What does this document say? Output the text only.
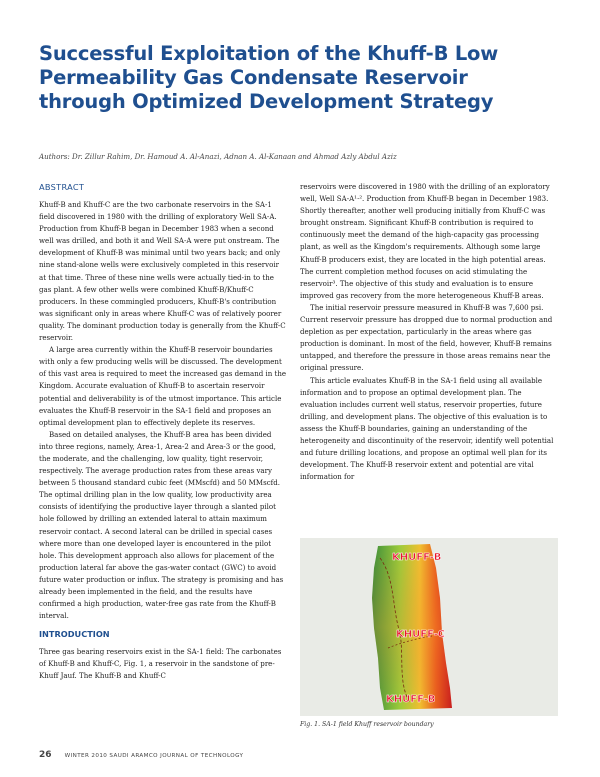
Successful Exploitation of the Khuff-B Low
Permeability Gas Condensate Reservoir
through Optimized Development Strategy
Authors: Dr. Zillur Rahim, Dr. Hamoud A. Al-Anazi, Adnan A. Al-Kanaan and Ahmad Azly Abdul Aziz
ABSTRACT

Khuff-B and Khuff-C are the two carbonate reservoirs in the SA-1 field discovered in 1980 with the drilling of exploratory Well SA-A. Production from Khuff-B began in December 1983 when a second well was drilled, and both it and Well SA-A were put onstream. The development of Khuff-B was minimal until two years back; and only nine stand-alone wells were exclusively completed in this reservoir at that time. Three of these nine wells were actually tied-in to the gas plant. A few other wells were combined Khuff-B/Khuff-C producers. In these commingled producers, Khuff-B's contribution was significant only in areas where Khuff-C was of relatively poorer quality. The dominant production today is generally from the Khuff-C reservoir.

A large area currently within the Khuff-B reservoir boundaries with only a few producing wells will be discussed. The development of this vast area is required to meet the increased gas demand in the Kingdom. Accurate evaluation of Khuff-B to ascertain reservoir potential and deliverability is of the utmost importance. This article evaluates the Khuff-B reservoir in the SA-1 field and proposes an optimal development plan to effectively deplete its reserves.

Based on detailed analyses, the Khuff-B area has been divided into three regions, namely, Area-1, Area-2 and Area-3 or the good, the moderate, and the challenging, low quality, tight reservoir, respectively. The average production rates from these areas vary between 5 thousand standard cubic feet (MMscfd) and 50 MMscfd. The optimal drilling plan in the low quality, low productivity area consists of identifying the productive layer through a slanted pilot hole followed by drilling an extended lateral to attain maximum reservoir contact. A second lateral can be drilled in special cases where more than one developed layer is encountered in the pilot hole. This development approach also allows for placement of the production lateral far above the gas-water contact (GWC) to avoid future water production or influx. The strategy is promising and has already been implemented in the field, and the results have confirmed a high production, water-free gas rate from the Khuff-B interval.

INTRODUCTION

Three gas bearing reservoirs exist in the SA-1 field: The carbonates of Khuff-B and Khuff-C, Fig. 1, a reservoir in the sandstone of pre-Khuff Jauf. The Khuff-B and Khuff-C

reservoirs were discovered in 1980 with the drilling of an exploratory well, Well SA-A¹·². Production from Khuff-B began in December 1983. Shortly thereafter, another well producing initially from Khuff-C was brought onstream. Significant Khuff-B contribution is required to continuously meet the demand of the high-capacity gas processing plant, as well as the Kingdom's requirements. Although some large Khuff-B producers exist, they are located in the high potential areas. The current completion method focuses on acid stimulating the reservoir³. The objective of this study and evaluation is to ensure improved gas recovery from the more heterogeneous Khuff-B areas.

The initial reservoir pressure measured in Khuff-B was 7,600 psi. Current reservoir pressure has dropped due to normal production and depletion as per expectation, particularly in the areas where gas production is dominant. In most of the field, however, Khuff-B remains untapped, and therefore the pressure in those areas remains near the original pressure.

This article evaluates Khuff-B in the SA-1 field using all available information and to propose an optimal development plan. The evaluation includes current well status, reservoir properties, future drilling, and development plans. The objective of this evaluation is to assess the Khuff-B boundaries, gaining an understanding of the heterogeneity and discontinuity of the reservoir, identify well potential and future drilling locations, and propose an optimal well plan for its development. The Khuff-B reservoir extent and potential are vital information for

KHUFF-B
KHUFF-C
KHUFF-B
Fig. 1. SA-1 field Khuff reservoir boundary
26 WINTER 2010 SAUDI ARAMCO JOURNAL OF TECHNOLOGY
